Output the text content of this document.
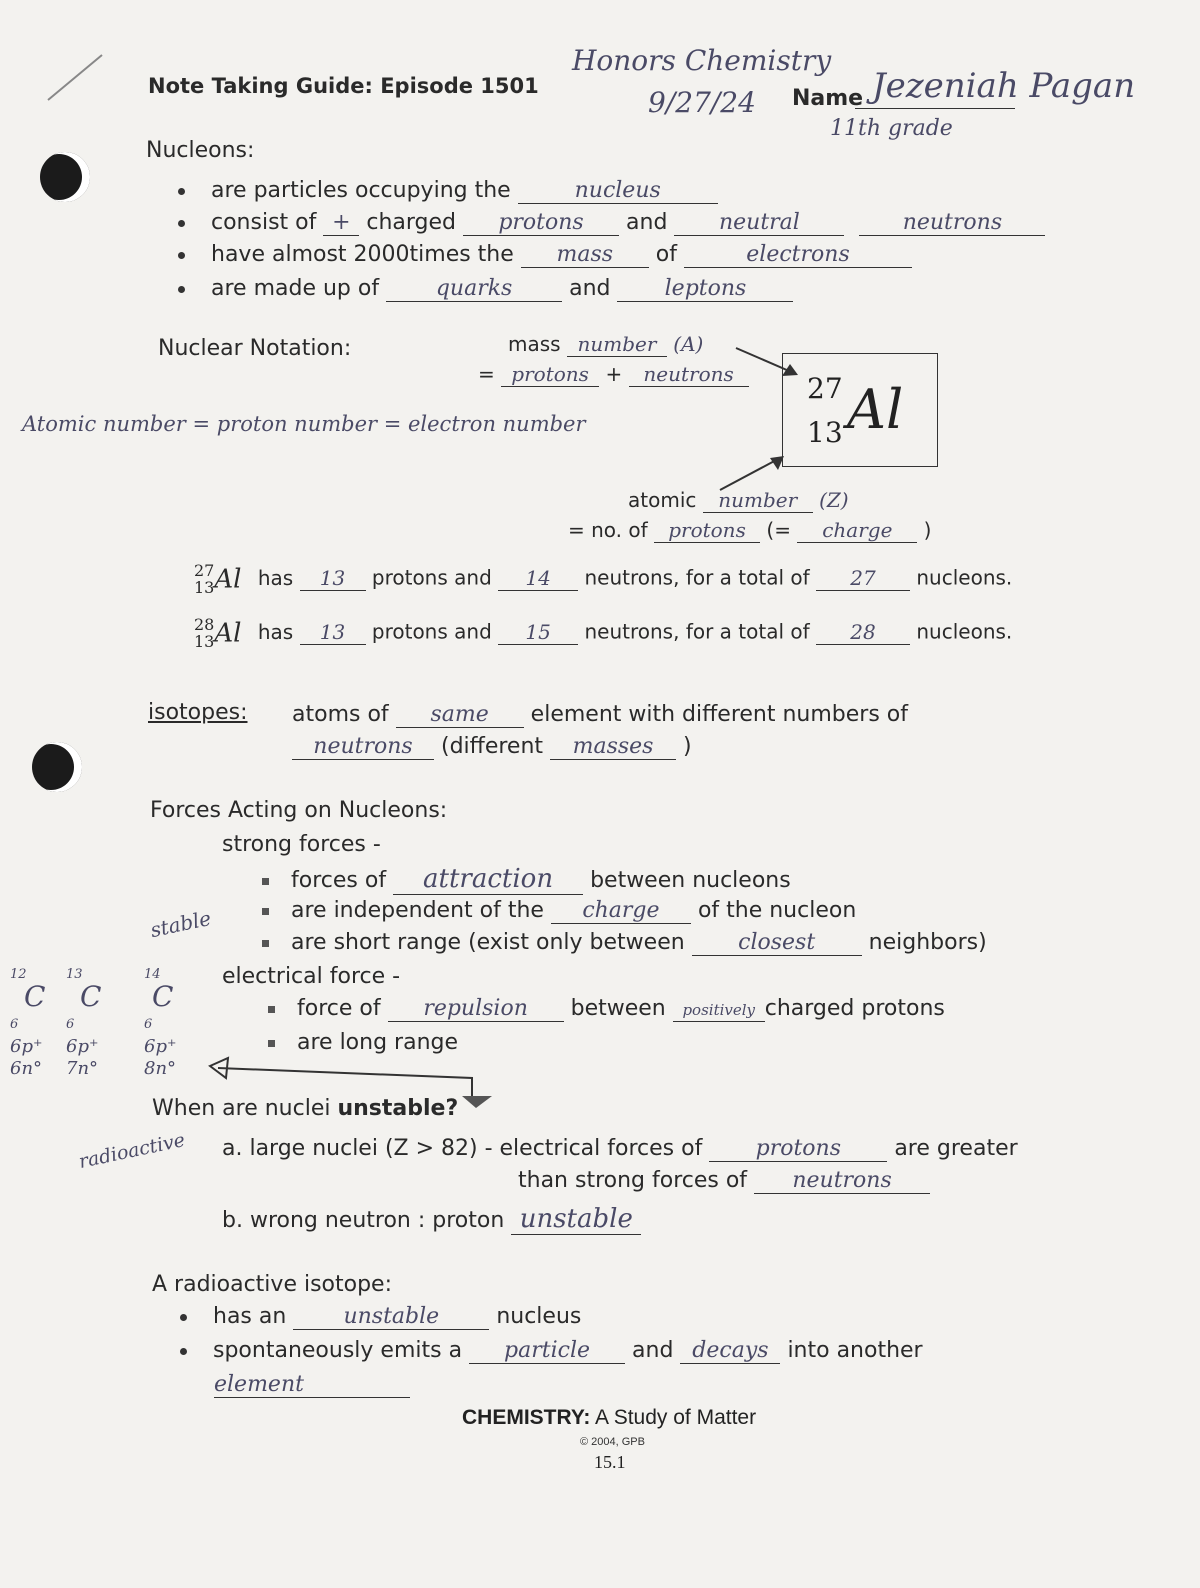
Note Taking Guide: Episode 1501
Honors Chemistry
9/27/24 Name Jezeniah Pagan
11th grade
Nucleons:
are particles occupying the	nucleus
consist of + charged protons and neutral	neutrons
have almost 2000times the mass of	electrons
are made up of	quarks	and leptons
Nuclear Notation:	mass number (A)
= protons + neutrons
Atomic number = proton number = electron number
27
13 Al
atomic number (Z)
= no. of protons (= charge )
27
13Al has 13 protons and 14 neutrons, for a total of 27 nucleons.
28
13Al has 13 protons and 15 neutrons, for a total of 28 nucleons.
isotopes: atoms of same element with different numbers of
neutrons (different masses )
Forces Acting on Nucleons:
strong forces -
forces of attraction between nucleons
are independent of the charge of the nucleon
are short range (exist only between closest neighbors)
electrical force -
force of repulsion between positively charged protons
are long range
stable
12
C
6
6p⁺
6n°
13
C
6
6p⁺
7n°
14
C
6
6p⁺
8n°
radioactive
When are nuclei unstable?
a. large nuclei (Z > 82) - electrical forces of protons are greater
than strong forces of neutrons
b. wrong neutron : proton unstable
A radioactive isotope:
has an	unstable	nucleus
spontaneously emits a particle and decays into another
element
CHEMISTRY: A Study of Matter
© 2004, GPB
15.1
